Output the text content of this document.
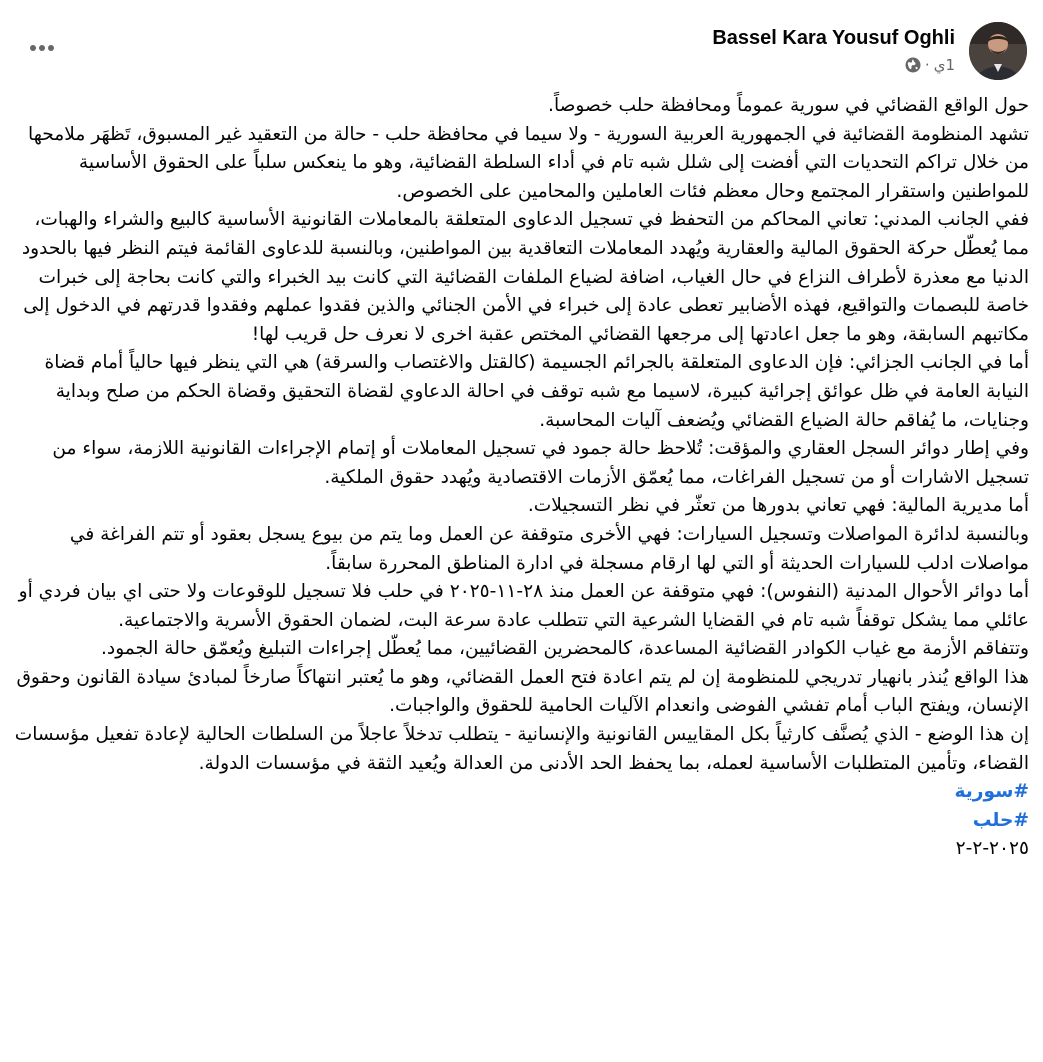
Bassel Kara Yousuf Oghli
· 1ي

حول الواقع القضائي في سورية عموماً ومحافظة حلب خصوصاً.

تشهد المنظومة القضائية في الجمهورية العربية السورية - ولا سيما في محافظة حلب - حالة من التعقيد غير المسبوق، تَظهَر ملامحها من خلال تراكم التحديات التي أفضت إلى شلل شبه تام في أداء السلطة القضائية، وهو ما ينعكس سلباً على الحقوق الأساسية للمواطنين واستقرار المجتمع وحال معظم فئات العاملين والمحامين على الخصوص.

ففي الجانب المدني: تعاني المحاكم من التحفظ في تسجيل الدعاوى المتعلقة بالمعاملات القانونية الأساسية كالبيع والشراء والهبات، مما يُعطّل حركة الحقوق المالية والعقارية ويُهدد المعاملات التعاقدية بين المواطنين، وبالنسبة للدعاوى القائمة فيتم النظر فيها بالحدود الدنيا مع معذرة لأطراف النزاع في حال الغياب، اضافة لضياع الملفات القضائية التي كانت بيد الخبراء والتي كانت بحاجة إلى خبرات خاصة للبصمات والتواقيع، فهذه الأضابير تعطى عادة إلى خبراء في الأمن الجنائي والذين فقدوا عملهم وفقدوا قدرتهم في الدخول إلى مكاتبهم السابقة، وهو ما جعل اعادتها إلى مرجعها القضائي المختص عقبة اخرى لا نعرف حل قريب لها!

أما في الجانب الجزائي: فإن الدعاوى المتعلقة بالجرائم الجسيمة (كالقتل والاغتصاب والسرقة) هي التي ينظر فيها حالياً أمام قضاة النيابة العامة في ظل عوائق إجرائية كبيرة، لاسيما مع شبه توقف في احالة الدعاوي لقضاة التحقيق وقضاة الحكم من صلح وبداية وجنايات، ما يُفاقم حالة الضياع القضائي ويُضعف آليات المحاسبة.

وفي إطار دوائر السجل العقاري والمؤقت: تُلاحظ حالة جمود في تسجيل المعاملات أو إتمام الإجراءات القانونية اللازمة، سواء من تسجيل الاشارات أو من تسجيل الفراغات، مما يُعمّق الأزمات الاقتصادية ويُهدد حقوق الملكية.

أما مديرية المالية: فهي تعاني بدورها من تعثّر في نظر التسجيلات.

وبالنسبة لدائرة المواصلات وتسجيل السيارات: فهي الأخرى متوقفة عن العمل وما يتم من بيوع يسجل بعقود أو تتم الفراغة في مواصلات ادلب للسيارات الحديثة أو التي لها ارقام مسجلة في ادارة المناطق المحررة سابقاً.

أما دوائر الأحوال المدنية (النفوس): فهي متوقفة عن العمل منذ ٢٨-١١-٢٠٢٥ في حلب فلا تسجيل للوقوعات ولا حتى اي بيان فردي أو عائلي مما يشكل توقفاً شبه تام في القضايا الشرعية التي تتطلب عادة سرعة البت، لضمان الحقوق الأسرية والاجتماعية.

وتتفاقم الأزمة مع غياب الكوادر القضائية المساعدة، كالمحضرين القضائيين، مما يُعطّل إجراءات التبليغ ويُعمّق حالة الجمود.

هذا الواقع يُنذر بانهيار تدريجي للمنظومة إن لم يتم اعادة فتح العمل القضائي، وهو ما يُعتبر انتهاكاً صارخاً لمبادئ سيادة القانون وحقوق الإنسان، ويفتح الباب أمام تفشي الفوضى وانعدام الآليات الحامية للحقوق والواجبات.

إن هذا الوضع - الذي يُصنَّف كارثياً بكل المقاييس القانونية والإنسانية - يتطلب تدخلاً عاجلاً من السلطات الحالية لإعادة تفعيل مؤسسات القضاء، وتأمين المتطلبات الأساسية لعمله، بما يحفظ الحد الأدنى من العدالة ويُعيد الثقة في مؤسسات الدولة.

#سورية
#حلب
٢٠٢٥-٢-٢
